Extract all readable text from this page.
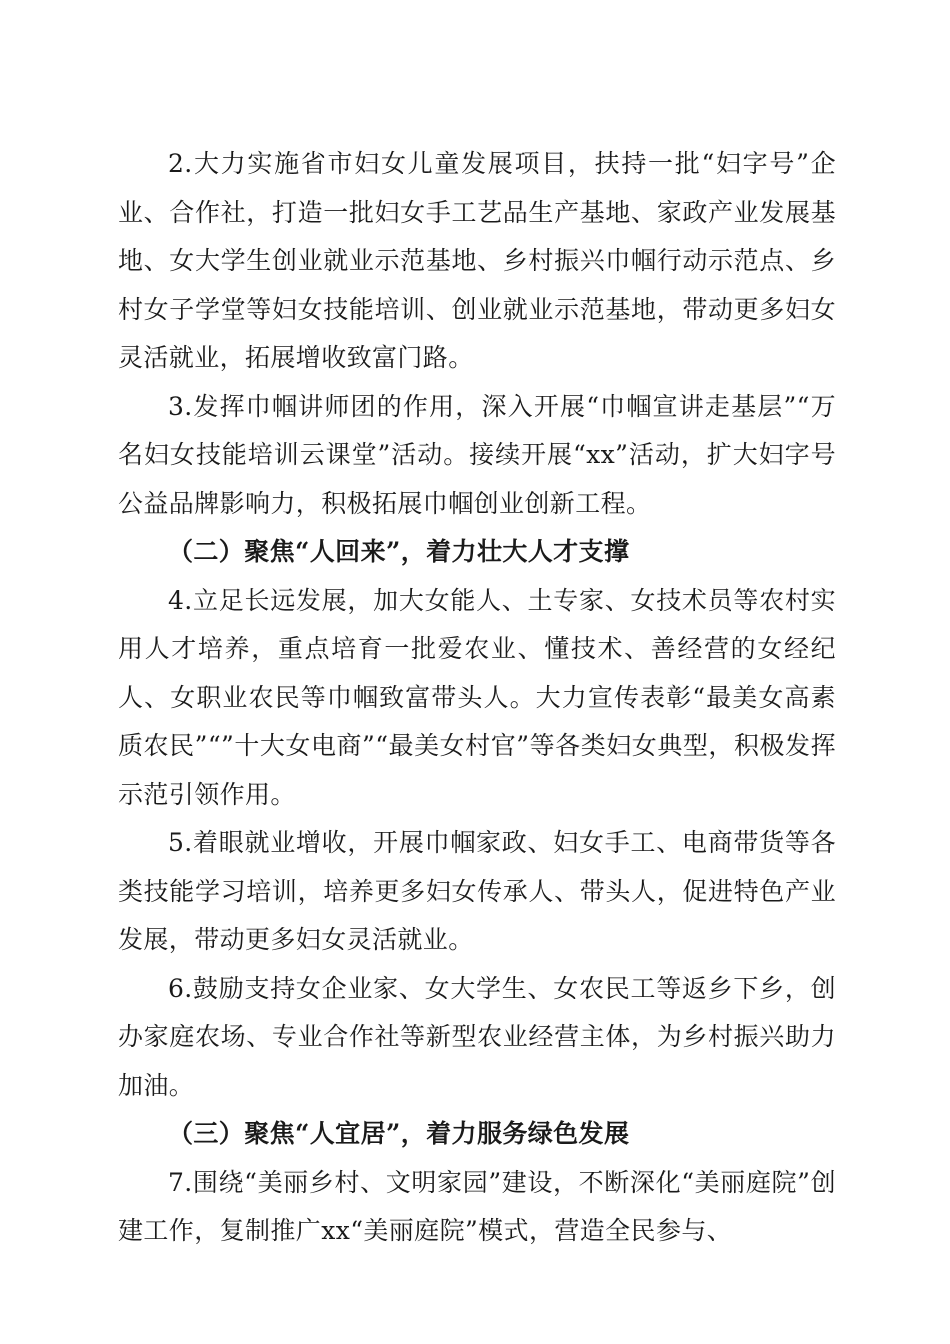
2.大力实施省市妇女儿童发展项目，扶持一批“妇字号”企业、合作社，打造一批妇女手工艺品生产基地、家政产业发展基地、女大学生创业就业示范基地、乡村振兴巾帼行动示范点、乡村女子学堂等妇女技能培训、创业就业示范基地，带动更多妇女灵活就业，拓展增收致富门路。

3.发挥巾帼讲师团的作用，深入开展“巾帼宣讲走基层”“万名妇女技能培训云课堂”活动。接续开展“xx”活动，扩大妇字号公益品牌影响力，积极拓展巾帼创业创新工程。

（二）聚焦“人回来”，着力壮大人才支撑

4.立足长远发展，加大女能人、土专家、女技术员等农村实用人才培养，重点培育一批爱农业、懂技术、善经营的女经纪人、女职业农民等巾帼致富带头人。大力宣传表彰“最美女高素质农民”“”十大女电商”“最美女村官”等各类妇女典型，积极发挥示范引领作用。

5.着眼就业增收，开展巾帼家政、妇女手工、电商带货等各类技能学习培训，培养更多妇女传承人、带头人，促进特色产业发展，带动更多妇女灵活就业。

6.鼓励支持女企业家、女大学生、女农民工等返乡下乡，创办家庭农场、专业合作社等新型农业经营主体，为乡村振兴助力加油。

（三）聚焦“人宜居”，着力服务绿色发展

7.围绕“美丽乡村、文明家园”建设，不断深化“美丽庭院”创建工作，复制推广xx“美丽庭院”模式，营造全民参与、
